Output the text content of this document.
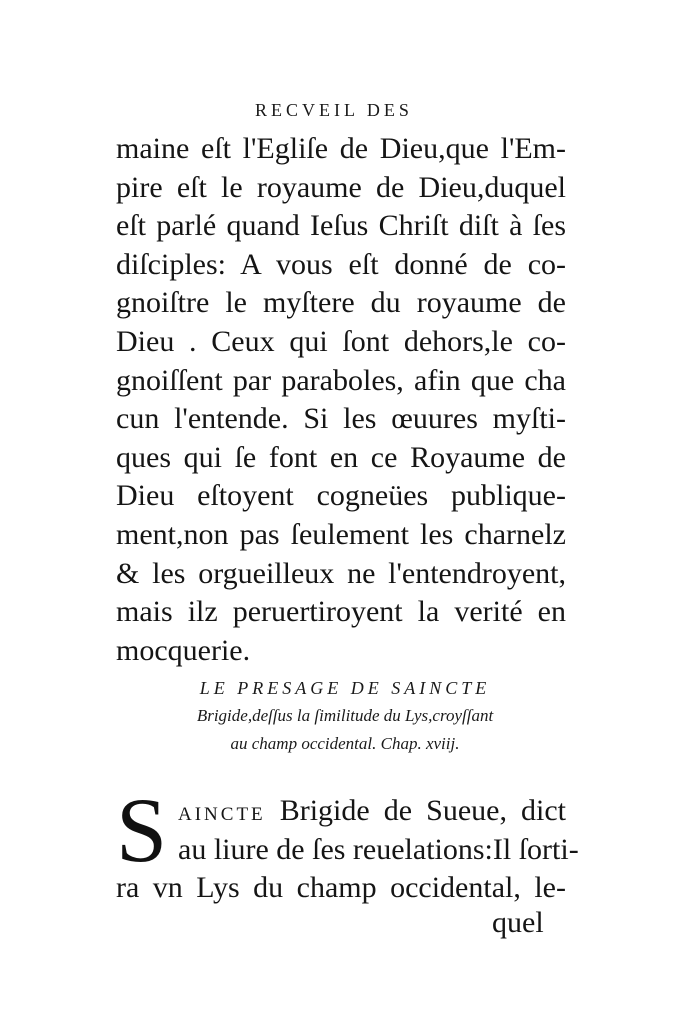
RECVEIL DES
maine eſt l'Egliſe de Dieu,que l'Em-
pire eſt le royaume de Dieu,duquel
eſt parlé quand Ieſus Chriſt diſt à ſes
diſciples: A vous eſt donné de co-
gnoiſtre le myſtere du royaume de
Dieu . Ceux qui ſont dehors,le co-
gnoiſſent par paraboles, afin que cha
cun l'entende. Si les œuures myſti-
ques qui ſe font en ce Royaume de
Dieu eſtoyent cogneües publique-
ment,non pas ſeulement les charnelz
& les orgueilleux ne l'entendroyent,
mais ilz peruertiroyent la verité en
mocquerie.
LE PRESAGE DE SAINCTE
Brigide,deſſus la ſimilitude du Lys,croyſſant
au champ occidental. Chap. xviij.
S AINCTE Brigide de Sueue, dict
au liure de ſes reuelations:Il ſorti-
ra vn Lys du champ occidental, le-
quel
